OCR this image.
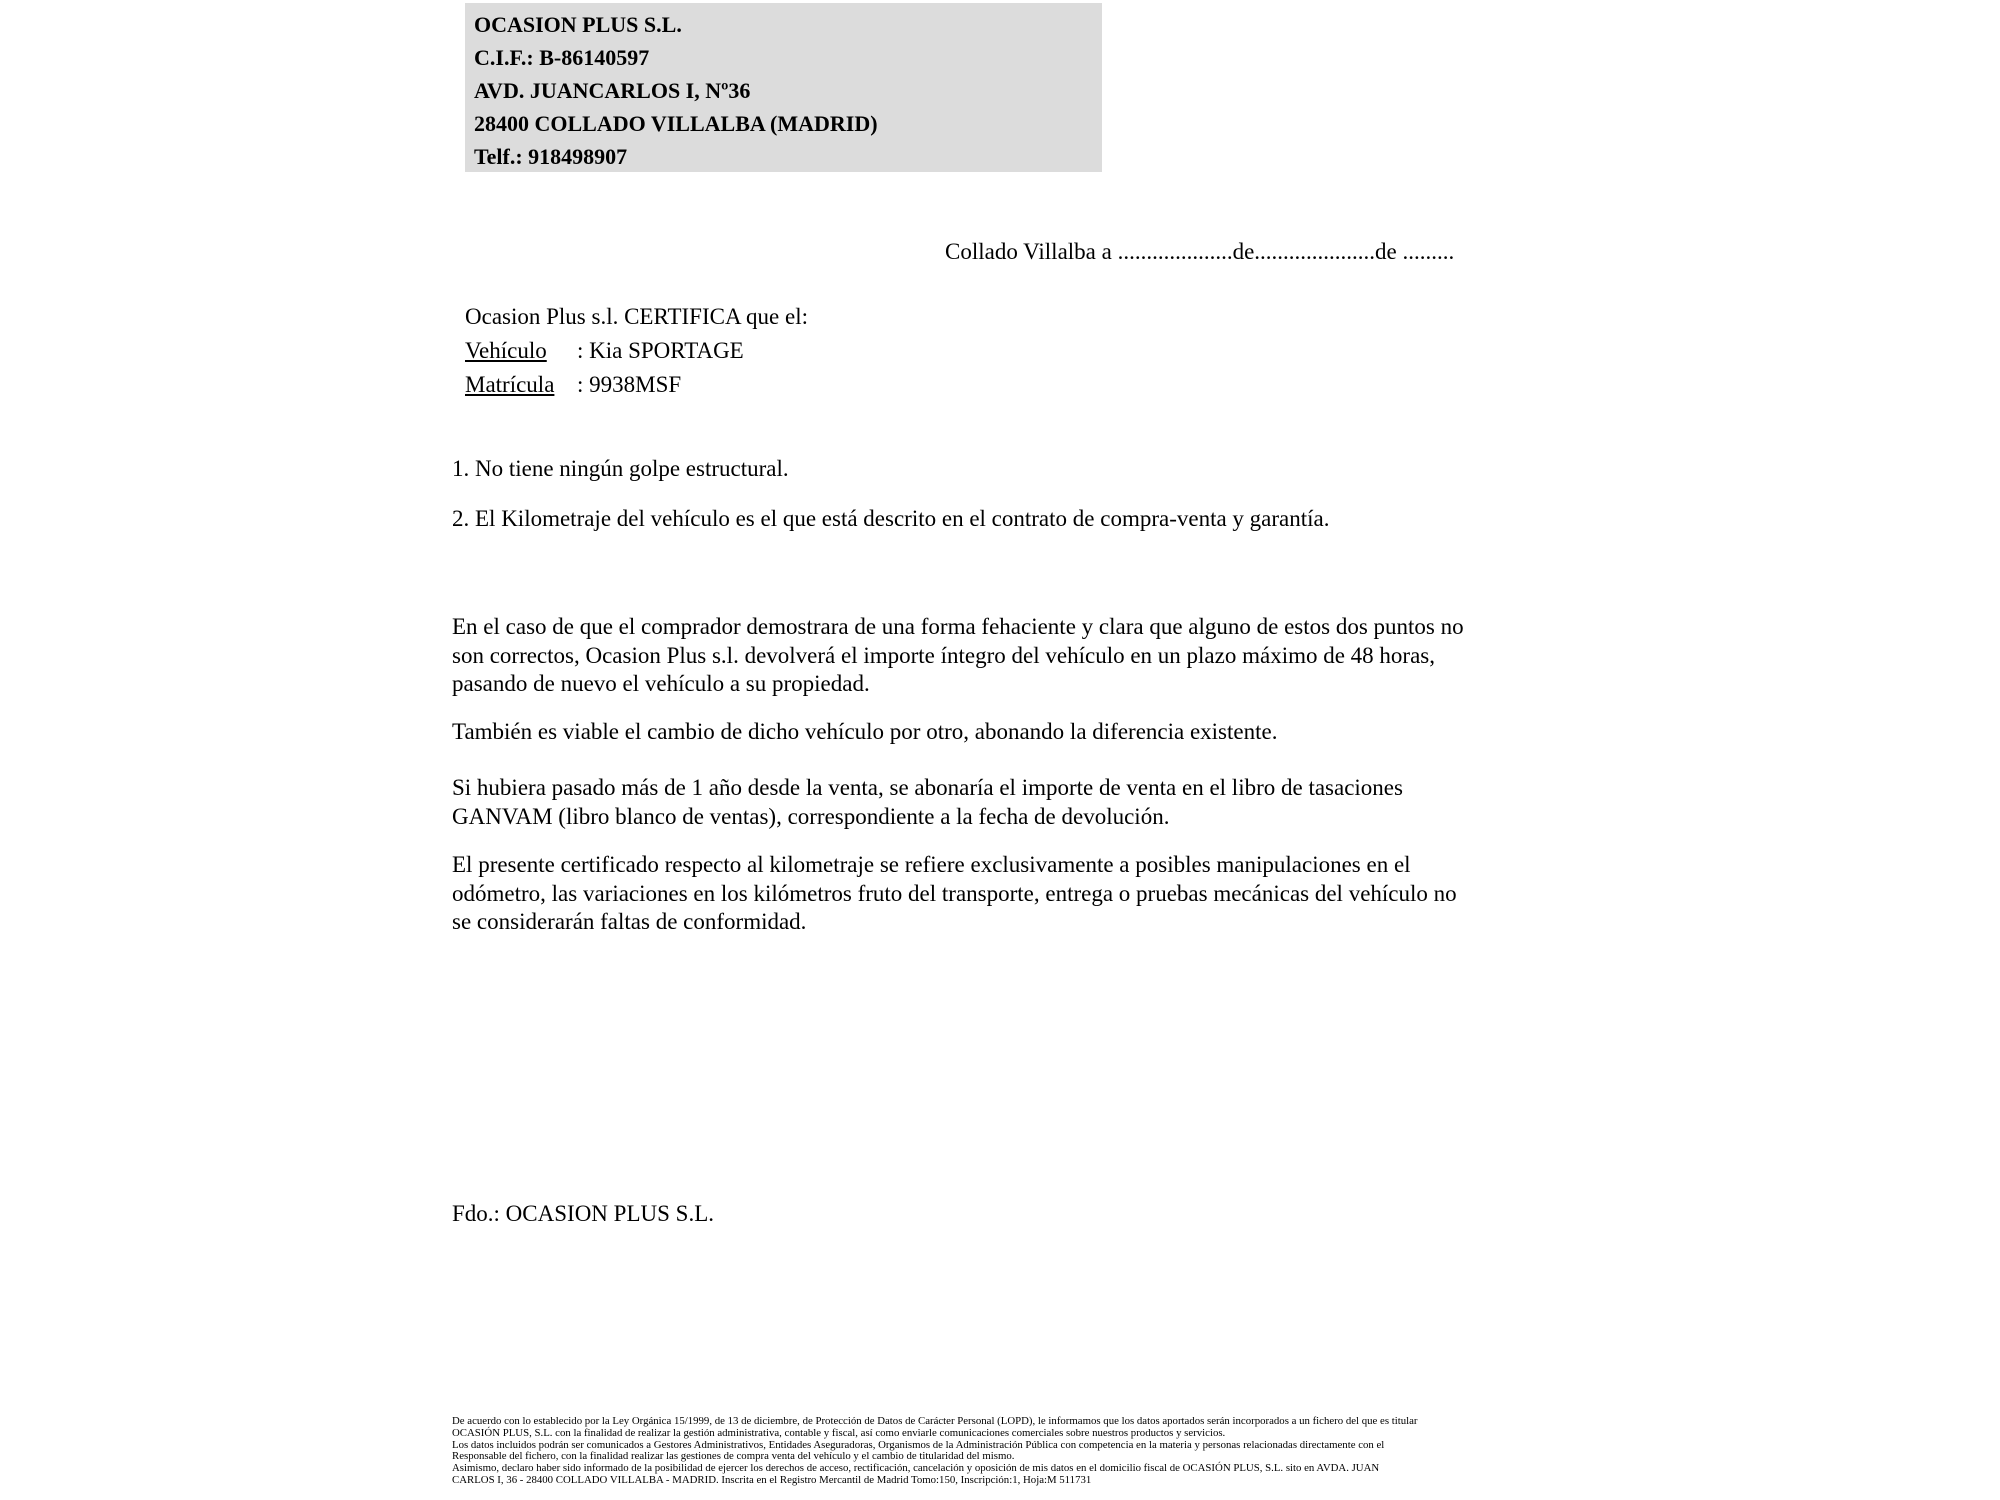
OCASION PLUS S.L.
C.I.F.: B-86140597
AVD. JUANCARLOS I, Nº36
28400 COLLADO VILLALBA (MADRID)
Telf.: 918498907
Collado Villalba a ....................de.....................de .........
Ocasion Plus s.l. CERTIFICA que el:
Vehículo : Kia SPORTAGE
Matrícula : 9938MSF
1. No tiene ningún golpe estructural.
2. El Kilometraje del vehículo es el que está descrito en el contrato de compra-venta y garantía.
En el caso de que el comprador demostrara de una forma fehaciente y clara que alguno de estos dos puntos no
son correctos, Ocasion Plus s.l. devolverá el importe íntegro del vehículo en un plazo máximo de 48 horas,
pasando de nuevo el vehículo a su propiedad.
También es viable el cambio de dicho vehículo por otro, abonando la diferencia existente.
Si hubiera pasado más de 1 año desde la venta, se abonaría el importe de venta en el libro de tasaciones
GANVAM (libro blanco de ventas), correspondiente a la fecha de devolución.
El presente certificado respecto al kilometraje se refiere exclusivamente a posibles manipulaciones en el
odómetro, las variaciones en los kilómetros fruto del transporte, entrega o pruebas mecánicas del vehículo no
se considerarán faltas de conformidad.
Fdo.: OCASION PLUS S.L.
De acuerdo con lo establecido por la Ley Orgánica 15/1999, de 13 de diciembre, de Protección de Datos de Carácter Personal (LOPD), le informamos que los datos aportados serán incorporados a un fichero del que es titular
OCASIÓN PLUS, S.L. con la finalidad de realizar la gestión administrativa, contable y fiscal, así como enviarle comunicaciones comerciales sobre nuestros productos y servicios.
Los datos incluidos podrán ser comunicados a Gestores Administrativos, Entidades Aseguradoras, Organismos de la Administración Pública con competencia en la materia y personas relacionadas directamente con el
Responsable del fichero, con la finalidad realizar las gestiones de compra venta del vehículo y el cambio de titularidad del mismo.
Asimismo, declaro haber sido informado de la posibilidad de ejercer los derechos de acceso, rectificación, cancelación y oposición de mis datos en el domicilio fiscal de OCASIÓN PLUS, S.L. sito en AVDA. JUAN
CARLOS I, 36 - 28400 COLLADO VILLALBA - MADRID. Inscrita en el Registro Mercantil de Madrid Tomo:150, Inscripción:1, Hoja:M 511731
